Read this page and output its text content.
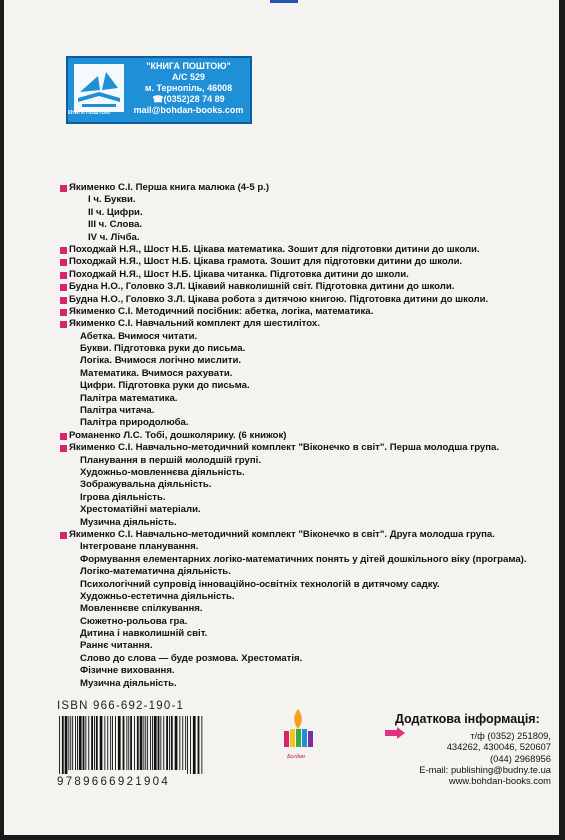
КНИГИ ПОШТОЮ
"КНИГА ПОШТОЮ"
А/С 529
м. Тернопіль, 46008
☎(0352)28 74 89
mail@bohdan-books.com
Якименко С.І. Перша книга малюка (4-5 р.)
І ч. Букви.
ІІ ч. Цифри.
ІІІ ч. Слова.
ІV ч. Лічба.
Походжай Н.Я., Шост Н.Б. Цікава математика. Зошит для підготовки дитини до школи.
Походжай Н.Я., Шост Н.Б. Цікава грамота. Зошит для підготовки дитини до школи.
Походжай Н.Я., Шост Н.Б. Цікава читанка. Підготовка дитини до школи.
Будна Н.О., Головко З.Л. Цікавий навколишній світ. Підготовка дитини до школи.
Будна Н.О., Головко З.Л. Цікава робота з дитячою книгою. Підготовка дитини до школи.
Якименко С.І. Методичний посібник: абетка, логіка, математика.
Якименко С.І. Навчальний комплект для шестилітох.
Абетка. Вчимося читати.
Букви. Підготовка руки до письма.
Логіка. Вчимося логічно мислити.
Математика. Вчимося рахувати.
Цифри. Підготовка руки до письма.
Палітра математика.
Палітра читача.
Палітра природолюба.
Романенко Л.С. Тобі, дошколярику. (6 книжок)
Якименко С.І. Навчально-методичний комплект "Віконечко в світ". Перша молодша група.
Планування в першій молодшій групі.
Художньо-мовленнєва діяльність.
Зображувальна діяльність.
Ігрова діяльність.
Хрестоматійні матеріали.
Музична діяльність.
Якименко С.І. Навчально-методичний комплект "Віконечко в світ". Друга молодша група.
Інтегроване планування.
Формування елементарних логіко-математичних понять у дітей дошкільного віку (програма).
Логіко-математична діяльність.
Психологічний супровід інноваційно-освітніх технологій в дитячому садку.
Художньо-естетична діяльність.
Мовленнєве спілкування.
Сюжетно-рольова гра.
Дитина і навколишній світ.
Раннє читання.
Слово до слова — буде розмова. Хрестоматія.
Фізичне виховання.
Музична діяльність.
ISBN 966-692-190-1
9789666921904
Богдан
Додаткова інформація:
т/ф (0352) 251809,
434262, 430046, 520607
(044) 2968956
E-mail: publishing@budny.te.ua
www.bohdan-books.com
